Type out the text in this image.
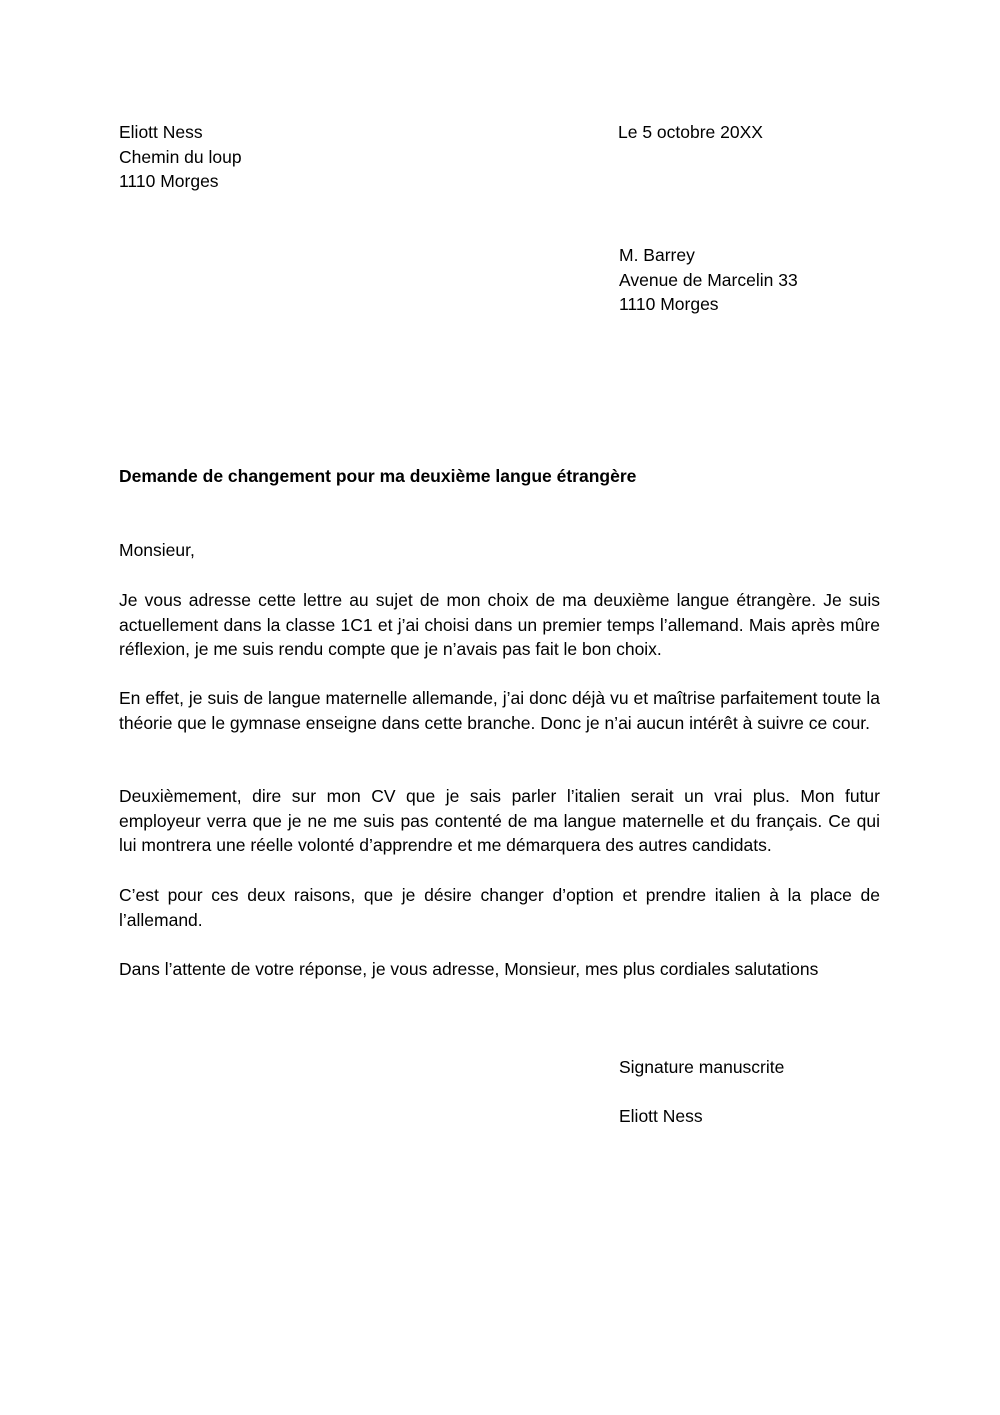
Eliott Ness
Chemin du loup
1110 Morges
Le 5 octobre 20XX
M. Barrey
Avenue de Marcelin 33
1110 Morges
Demande de changement pour ma deuxième langue étrangère
Monsieur,
Je vous adresse cette lettre au sujet de mon choix de ma deuxième langue étrangère. Je suis actuellement dans la classe 1C1 et j’ai choisi dans un premier temps l’allemand. Mais après mûre réflexion, je me suis rendu compte que je n’avais pas fait le bon choix.
En effet, je suis de langue maternelle allemande, j’ai donc déjà vu et maîtrise parfaitement toute la théorie que le gymnase enseigne dans cette branche. Donc je n’ai aucun intérêt à suivre ce cour.
Deuxièmement, dire sur mon CV que je sais parler l’italien serait un vrai plus. Mon futur employeur verra que je ne me suis pas contenté de ma langue maternelle et du français. Ce qui lui montrera une réelle volonté d’apprendre et me démarquera des autres candidats.
C’est pour ces deux raisons, que je désire changer d’option et prendre italien à la place de l’allemand.
Dans l’attente de votre réponse, je vous adresse, Monsieur, mes plus cordiales salutations
Signature manuscrite
Eliott Ness
